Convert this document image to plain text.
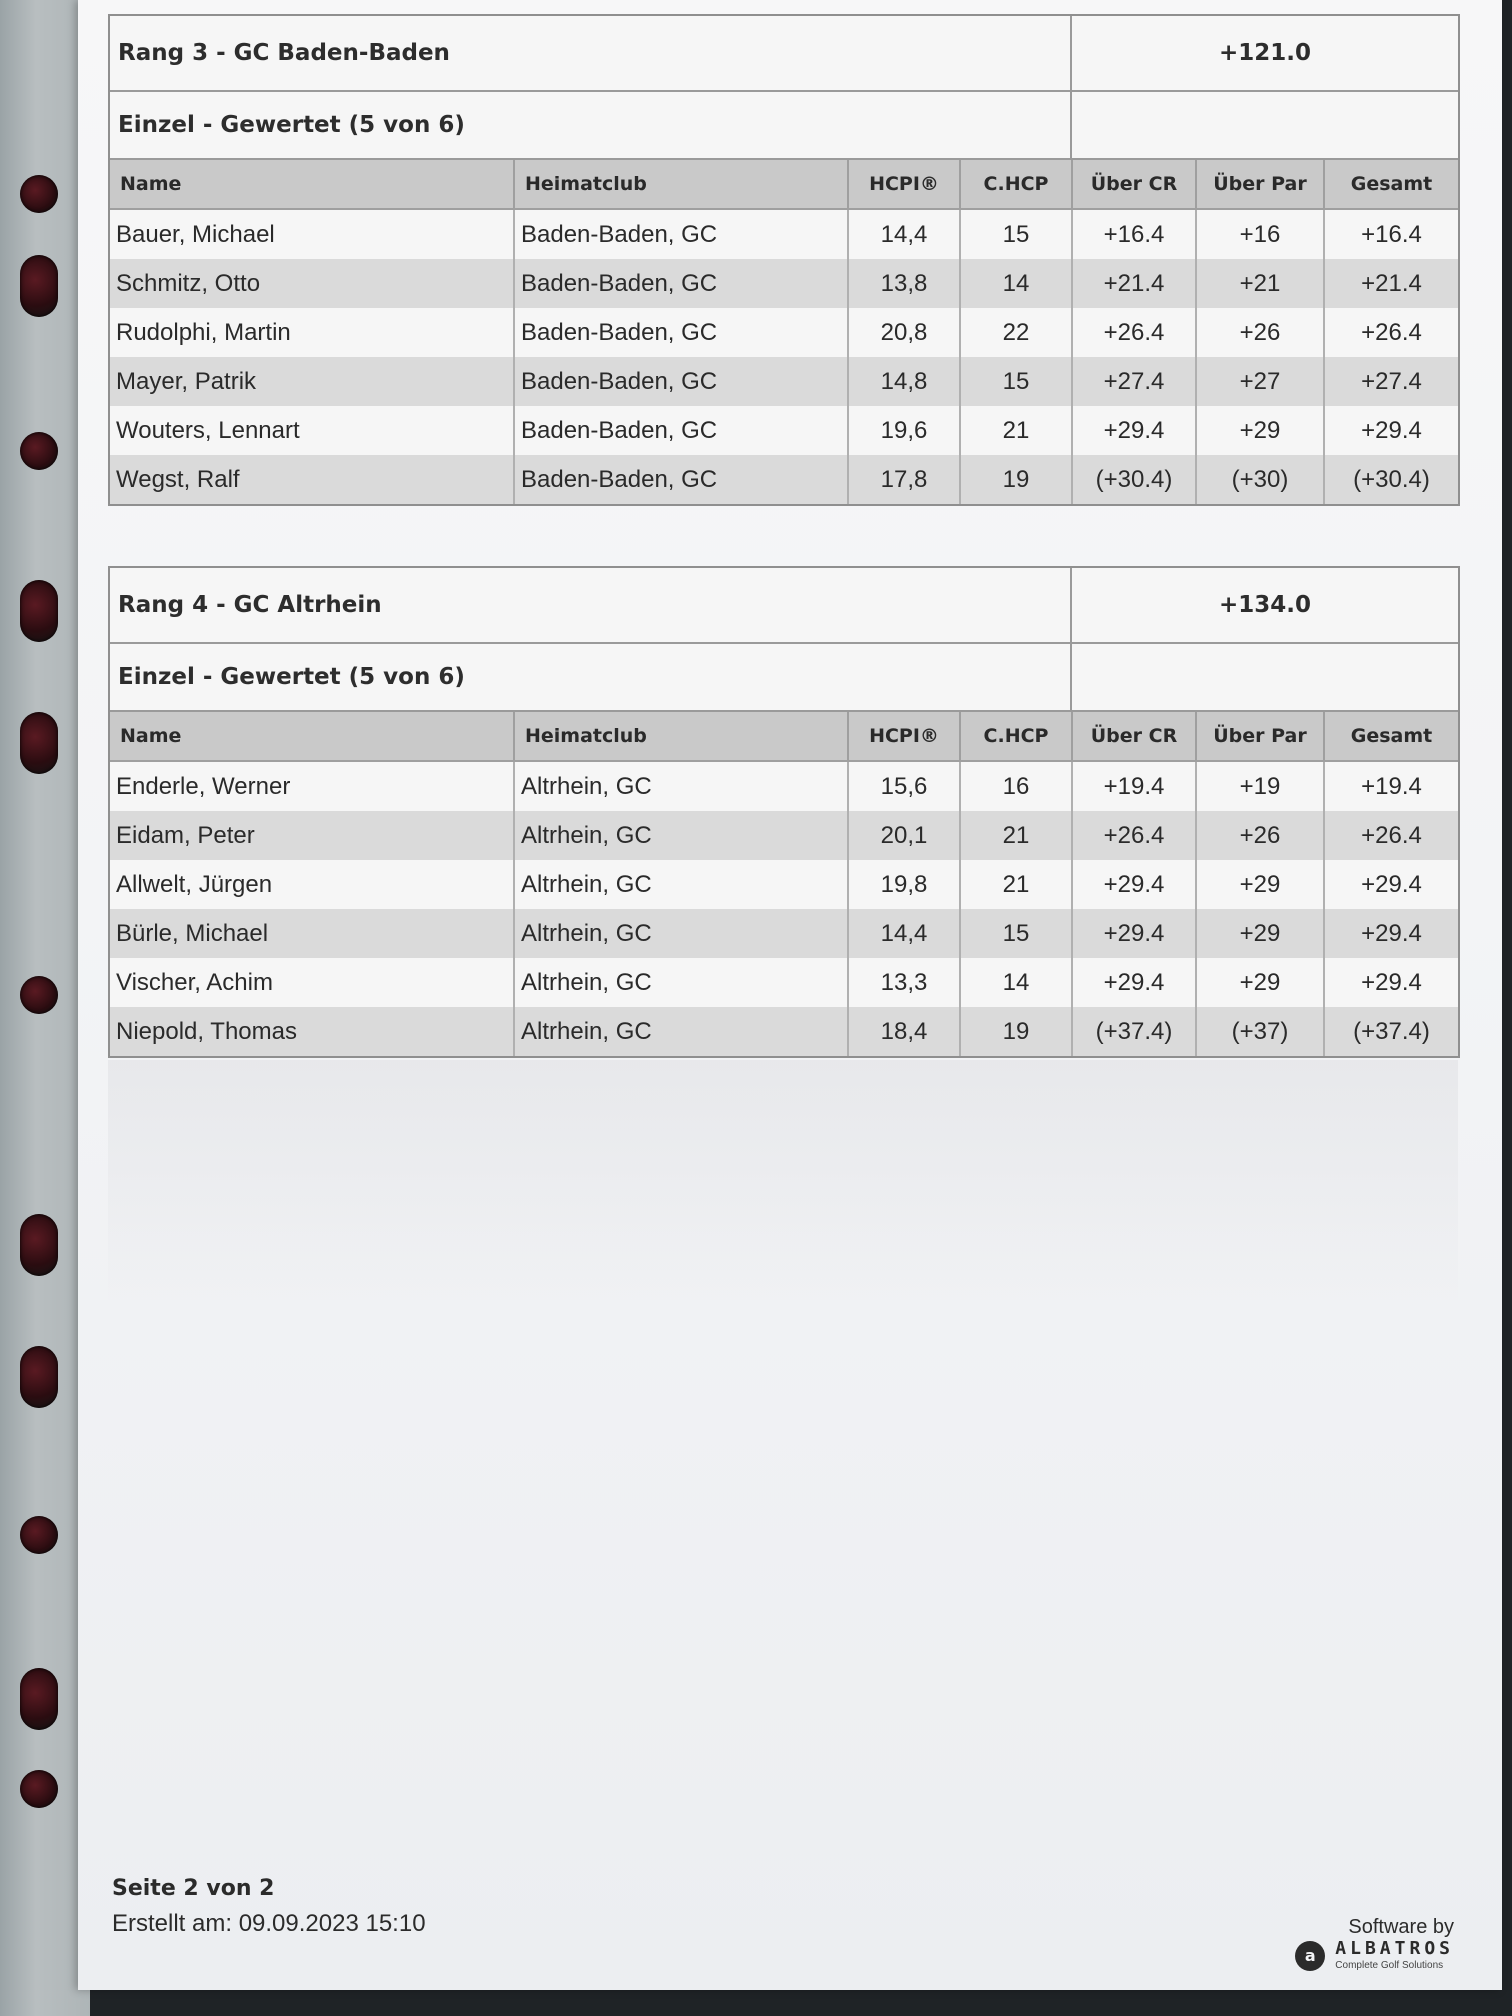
Rang 3 - GC Baden-Baden	+121.0
Einzel - Gewertet (5 von 6)
Name	Heimatclub	HCPI®	C.HCP	Über CR	Über Par	Gesamt
Bauer, Michael	Baden-Baden, GC	14,4	15	+16.4	+16	+16.4
Schmitz, Otto	Baden-Baden, GC	13,8	14	+21.4	+21	+21.4
Rudolphi, Martin	Baden-Baden, GC	20,8	22	+26.4	+26	+26.4
Mayer, Patrik	Baden-Baden, GC	14,8	15	+27.4	+27	+27.4
Wouters, Lennart	Baden-Baden, GC	19,6	21	+29.4	+29	+29.4
Wegst, Ralf	Baden-Baden, GC	17,8	19	(+30.4)	(+30)	(+30.4)
Rang 4 - GC Altrhein	+134.0
Einzel - Gewertet (5 von 6)
Name	Heimatclub	HCPI®	C.HCP	Über CR	Über Par	Gesamt
Enderle, Werner	Altrhein, GC	15,6	16	+19.4	+19	+19.4
Eidam, Peter	Altrhein, GC	20,1	21	+26.4	+26	+26.4
Allwelt, Jürgen	Altrhein, GC	19,8	21	+29.4	+29	+29.4
Bürle, Michael	Altrhein, GC	14,4	15	+29.4	+29	+29.4
Vischer, Achim	Altrhein, GC	13,3	14	+29.4	+29	+29.4
Niepold, Thomas	Altrhein, GC	18,4	19	(+37.4)	(+37)	(+37.4)
Seite 2 von 2
Erstellt am: 09.09.2023 15:10	Software by
a	ALBATROS
Complete Golf Solutions
